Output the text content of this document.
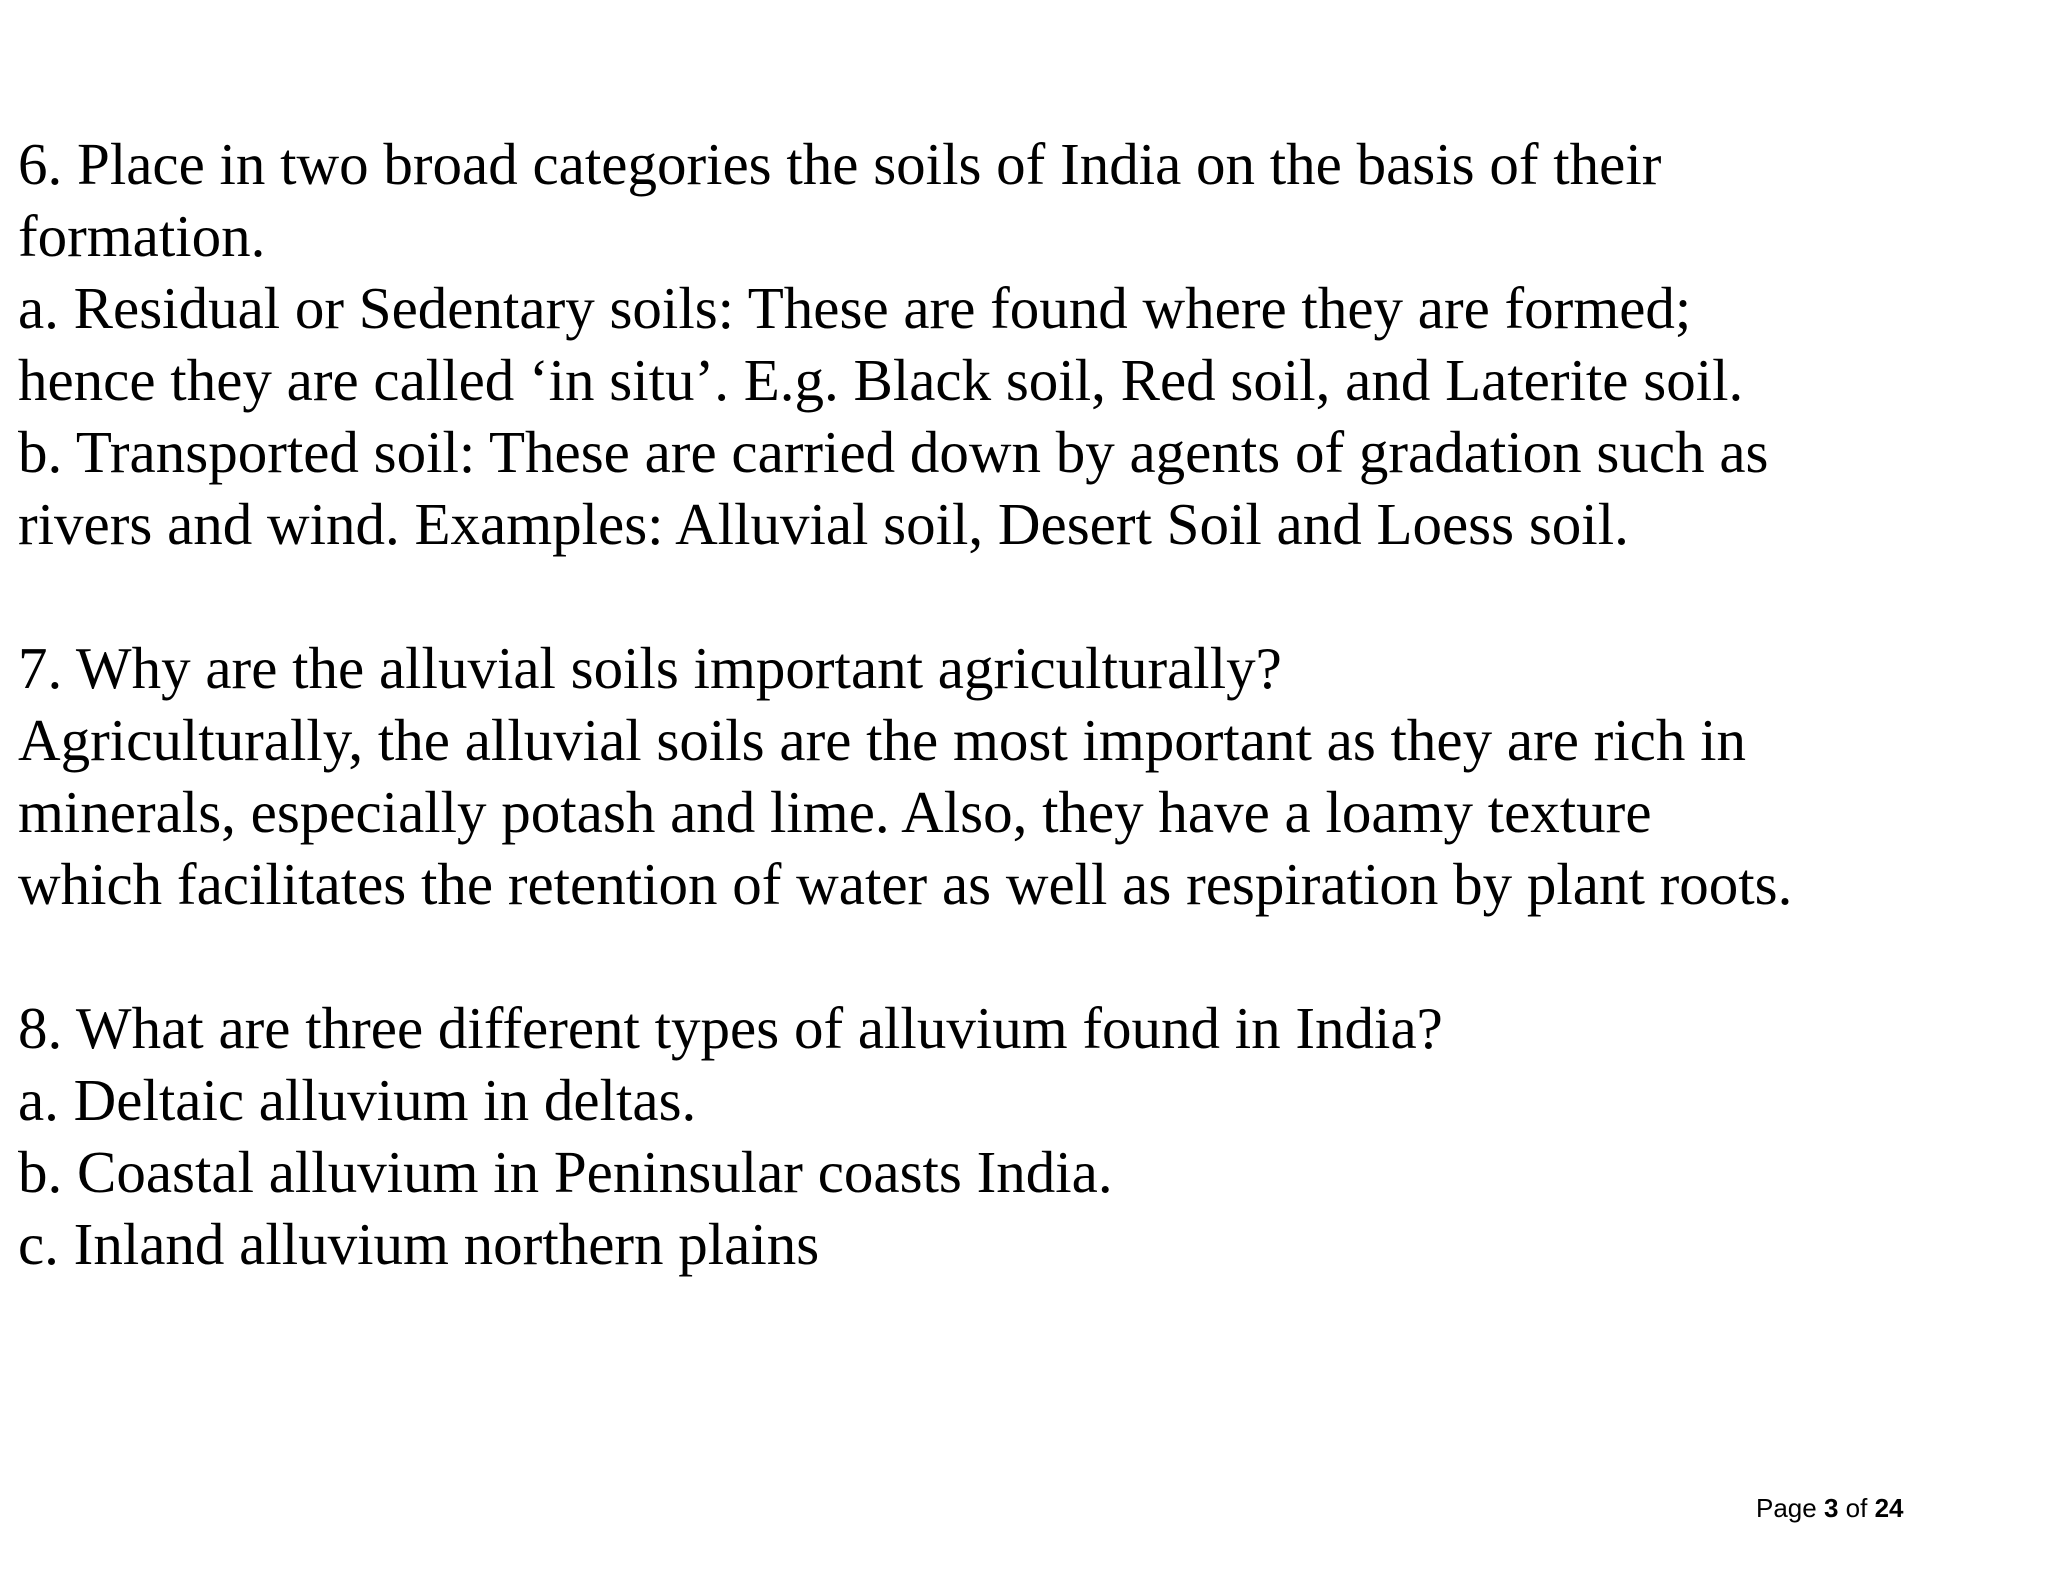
6. Place in two broad categories the soils of India on the basis of their
formation.
a. Residual or Sedentary soils: These are found where they are formed;
hence they are called ‘in situ’. E.g. Black soil, Red soil, and Laterite soil.
b. Transported soil: These are carried down by agents of gradation such as
rivers and wind. Examples: Alluvial soil, Desert Soil and Loess soil.
7. Why are the alluvial soils important agriculturally?
Agriculturally, the alluvial soils are the most important as they are rich in
minerals, especially potash and lime. Also, they have a loamy texture
which facilitates the retention of water as well as respiration by plant roots.
8. What are three different types of alluvium found in India?
a. Deltaic alluvium in deltas.
b. Coastal alluvium in Peninsular coasts India.
c. Inland alluvium northern plains
Page 3 of 24
